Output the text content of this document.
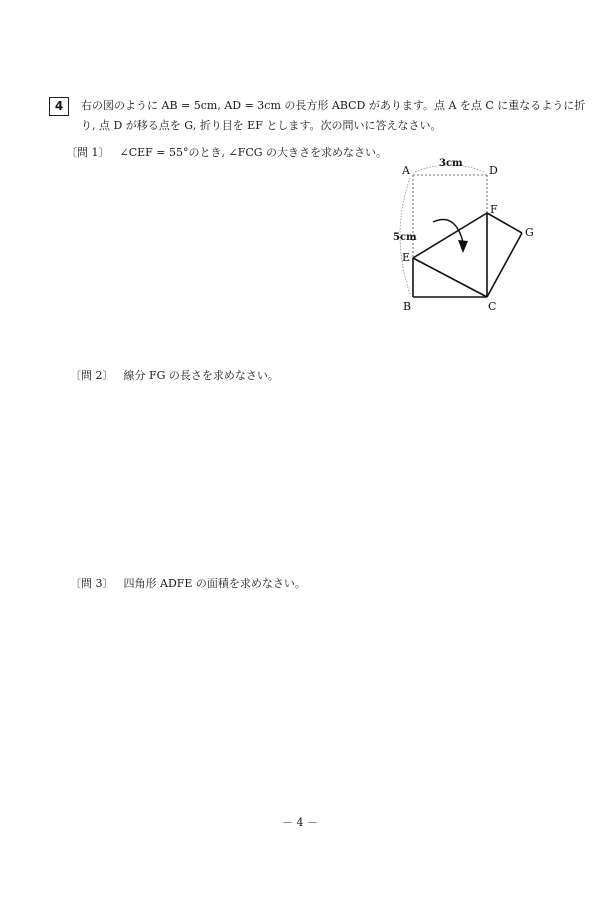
4	右の図のように AB = 5cm, AD = 3cm の長方形 ABCD があります。点 A を点 C に重なるように折
り, 点 D が移る点を G, 折り目を EF とします。次の問いに答えなさい。
〔問 1〕 ∠CEF = 55°のとき, ∠FCG の大きさを求めなさい。
A	D
F
G
E
B	C
3cm
5cm
〔問 2〕 線分 FG の長さを求めなさい。
〔問 3〕 四角形 ADFE の面積を求めなさい。
－ 4 －
